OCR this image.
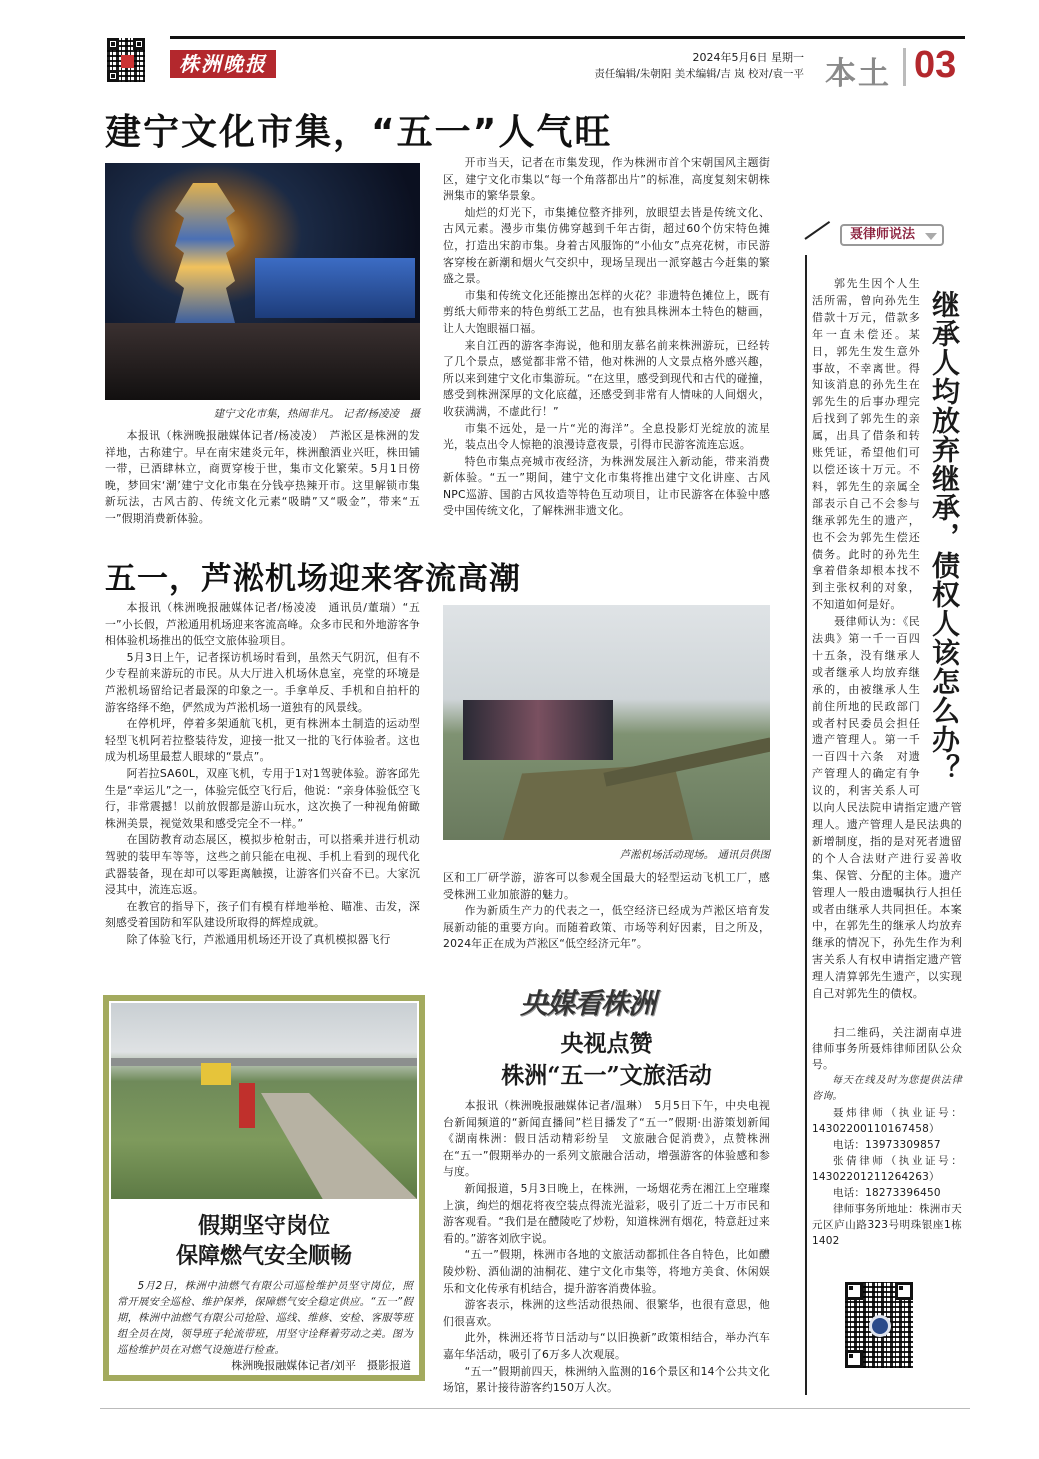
株洲晚报	2024年5月6日 星期一
责任编辑/朱朝阳 美术编辑/吉 岚 校对/袁一平 本土 03
建宁文化市集，“五一”人气旺
建宁文化市集，热闹非凡。 记者/杨凌凌　摄

本报讯（株洲晚报融媒体记者/杨凌凌）　芦淞区是株洲的发祥地，古称建宁。早在南宋建炎元年，株洲酿酒业兴旺，株田铺一带，已酒肆林立，商贾穿梭于世，集市文化繁荣。5月1日傍晚，梦回宋‘潮’建宁文化市集在分钱亭热辣开市。这里解锁市集新玩法，古风古韵、传统文化元素“吸睛”又“吸金”，带来“五一”假期消费新体验。

开市当天，记者在市集发现，作为株洲市首个宋朝国风主题街区，建宁文化市集以“每一个角落都出片”的标准，高度复刻宋朝株洲集市的繁华景象。

灿烂的灯光下，市集摊位整齐排列，放眼望去皆是传统文化、古风元素。漫步市集仿佛穿越到千年古街，超过60个仿宋特色摊位，打造出宋韵市集。身着古风服饰的“小仙女”点亮花树，市民游客穿梭在新潮和烟火气交织中，现场呈现出一派穿越古今赶集的繁盛之景。

市集和传统文化还能擦出怎样的火花？非遗特色摊位上，既有剪纸大师带来的特色剪纸工艺品，也有独具株洲本土特色的糖画，让人大饱眼福口福。

来自江西的游客李海说，他和朋友慕名前来株洲游玩，已经转了几个景点，感觉都非常不错，他对株洲的人文景点格外感兴趣，所以来到建宁文化市集游玩。“在这里，感受到现代和古代的碰撞，感受到株洲深厚的文化底蕴，还感受到非常有人情味的人间烟火，收获满满，不虚此行！”

市集不远处，是一片“光的海洋”。全息投影灯光绽放的流星光，装点出令人惊艳的浪漫诗意夜景，引得市民游客流连忘返。

特色市集点亮城市夜经济，为株洲发展注入新动能，带来消费新体验。“五一”期间，建宁文化市集将推出建宁文化讲座、古风NPC巡游、国韵古风妆造等特色互动项目，让市民游客在体验中感受中国传统文化，了解株洲非遗文化。

五一，芦淞机场迎来客流高潮

本报讯（株洲晚报融媒体记者/杨凌凌　通讯员/董瑞）“五一”小长假，芦淞通用机场迎来客流高峰。众多市民和外地游客争相体验机场推出的低空文旅体验项目。

5月3日上午，记者探访机场时看到，虽然天气阴沉，但有不少专程前来游玩的市民。从大厅进入机场休息室，亮堂的环境是芦淞机场留给记者最深的印象之一。手拿单反、手机和自拍杆的游客络绎不绝，俨然成为芦淞机场一道独有的风景线。

在停机坪，停着多架通航飞机，更有株洲本土制造的运动型轻型飞机阿若拉整装待发，迎接一批又一批的飞行体验者。这也成为机场里最惹人眼球的“景点”。

阿若拉SA60L，双座飞机，专用于1对1驾驶体验。游客邱先生是“幸运儿”之一，体验完低空飞行后，他说：“亲身体验低空飞行，非常震撼！以前放假都是游山玩水，这次换了一种视角俯瞰株洲美景，视觉效果和感受完全不一样。”

在国防教育动态展区，模拟步枪射击，可以搭乘并进行机动驾驶的装甲车等等，这些之前只能在电视、手机上看到的现代化武器装备，现在却可以零距离触摸，让游客们兴奋不已。大家沉浸其中，流连忘返。

在教官的指导下，孩子们有模有样地举枪、瞄准、击发，深刻感受着国防和军队建设所取得的辉煌成就。

除了体验飞行，芦淞通用机场还开设了真机模拟器飞行

芦淞机场活动现场。 通讯员供图

区和工厂研学游，游客可以参观全国最大的轻型运动飞机工厂，感受株洲工业加旅游的魅力。

作为新质生产力的代表之一，低空经济已经成为芦淞区培育发展新动能的重要方向。而随着政策、市场等利好因素，目之所及，2024年正在成为芦淞区“低空经济元年”。

假期坚守岗位
保障燃气安全顺畅

5月2日，株洲中油燃气有限公司巡检维护员坚守岗位，照常开展安全巡检、维护保养，保障燃气安全稳定供应。“五一”假期，株洲中油燃气有限公司抢险、巡线、维修、安检、客服等班组全员在岗，领导班子轮流带班，用坚守诠释着劳动之美。图为巡检维护员在对燃气设施进行检查。

株洲晚报融媒体记者/刘平　摄影报道
央媒看株洲
央视点赞
株洲“五一”文旅活动

本报讯（株洲晚报融媒体记者/温琳）　5月5日下午，中央电视台新闻频道的“新闻直播间”栏目播发了“五一”假期·出游策划新闻《湖南株洲：假日活动精彩纷呈　文旅融合促消费》，点赞株洲在“五一”假期举办的一系列文旅融合活动，增强游客的体验感和参与度。

新闻报道，5月3日晚上，在株洲，一场烟花秀在湘江上空璀璨上演，绚烂的烟花将夜空装点得流光溢彩，吸引了近二十万市民和游客观看。“我们是在醴陵吃了炒粉，知道株洲有烟花，特意赶过来看的。”游客刘欣宇说。

“五一”假期，株洲市各地的文旅活动都抓住各自特色，比如醴陵炒粉、酒仙湖的油桐花、建宁文化市集等，将地方美食、休闲娱乐和文化传承有机结合，提升游客消费体验。

游客表示，株洲的这些活动很热闹、很繁华，也很有意思，他们很喜欢。

此外，株洲还将节日活动与“以旧换新”政策相结合，举办汽车嘉年华活动，吸引了6万多人次观展。

“五一”假期前四天，株洲纳入监测的16个景区和14个公共文化场馆，累计接待游客约150万人次。

聂律师说法
继承人均放弃继承，债权人该怎么办？

郭先生因个人生活所需，曾向孙先生借款十万元，借款多年一直未偿还。某日，郭先生发生意外事故，不幸离世。得知该消息的孙先生在郭先生的后事办理完后找到了郭先生的亲属，出具了借条和转账凭证，希望他们可以偿还该十万元。不料，郭先生的亲属全部表示自己不会参与继承郭先生的遗产，也不会为郭先生偿还债务。此时的孙先生拿着借条却根本找不到主张权利的对象，不知道如何是好。

聂律师认为：《民法典》第一千一百四十五条，没有继承人或者继承人均放弃继承的，由被继承人生前住所地的民政部门或者村民委员会担任遗产管理人。第一千一百四十六条　对遗产管理人的确定有争议的，利害关系人可以向人民法院申请指定遗产管理人。遗产管理人是民法典的新增制度，指的是对死者遗留的个人合法财产进行妥善收集、保管、分配的主体。遗产管理人一般由遗嘱执行人担任或者由继承人共同担任。本案中，在郭先生的继承人均放弃继承的情况下，孙先生作为利害关系人有权申请指定遗产管理人清算郭先生遗产，以实现自己对郭先生的债权。

扫二维码，关注湖南卓进律师事务所聂炜律师团队公众号。

每天在线及时为您提供法律咨询。

聂炜律师（执业证号：14302200110167458）

电话：13973309857

张倩律师（执业证号：14302201211264263）

电话：18273396450

律师事务所地址：株洲市天元区庐山路323号明珠银座1栋1402
